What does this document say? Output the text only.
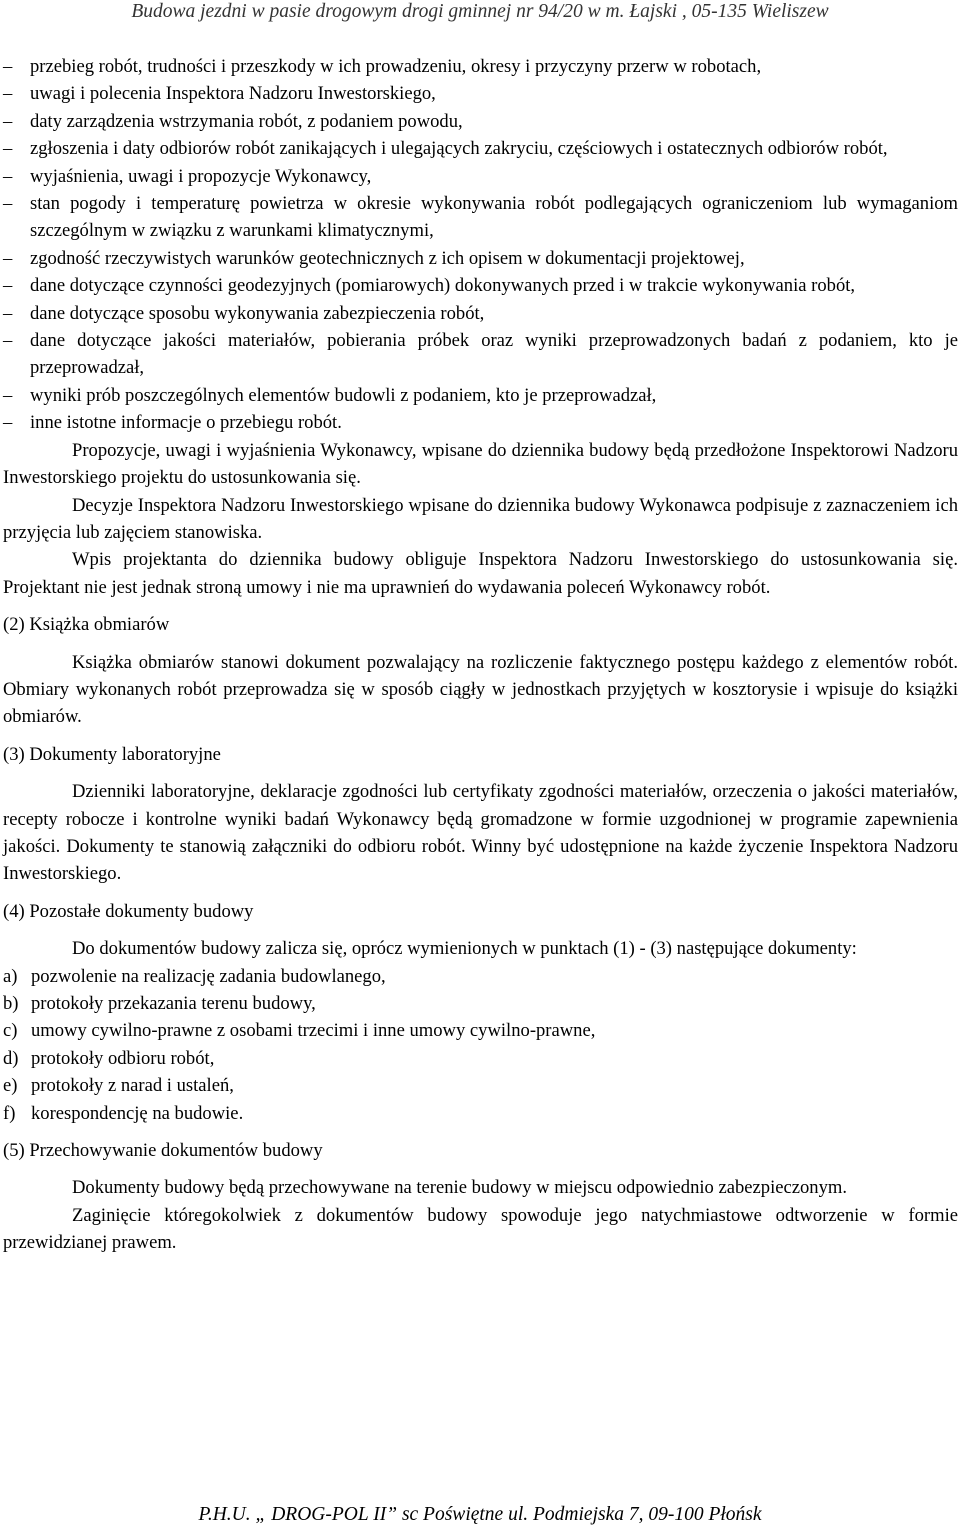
Budowa jezdni w pasie drogowym drogi gminnej nr 94/20 w m. Łajski , 05-135 Wieliszew
– przebieg robót, trudności i przeszkody w ich prowadzeniu, okresy i przyczyny przerw w robotach,
– uwagi i polecenia Inspektora Nadzoru Inwestorskiego,
– daty zarządzenia wstrzymania robót, z podaniem powodu,
– zgłoszenia i daty odbiorów robót zanikających i ulegających zakryciu, częściowych i ostatecznych odbiorów robót,
– wyjaśnienia, uwagi i propozycje Wykonawcy,
– stan pogody i temperaturę powietrza w okresie wykonywania robót podlegających ograniczeniom lub wymaganiom szczególnym w związku z warunkami klimatycznymi,
– zgodność rzeczywistych warunków geotechnicznych z ich opisem w dokumentacji projektowej,
– dane dotyczące czynności geodezyjnych (pomiarowych) dokonywanych przed i w trakcie wykonywania robót,
– dane dotyczące sposobu wykonywania zabezpieczenia robót,
– dane dotyczące jakości materiałów, pobierania próbek oraz wyniki przeprowadzonych badań z podaniem, kto je przeprowadzał,
– wyniki prób poszczególnych elementów budowli z podaniem, kto je przeprowadzał,
– inne istotne informacje o przebiegu robót.

Propozycje, uwagi i wyjaśnienia Wykonawcy, wpisane do dziennika budowy będą przedłożone Inspektorowi Nadzoru Inwestorskiego projektu do ustosunkowania się.

Decyzje Inspektora Nadzoru Inwestorskiego wpisane do dziennika budowy Wykonawca podpisuje z zaznaczeniem ich przyjęcia lub zajęciem stanowiska.

Wpis projektanta do dziennika budowy obliguje Inspektora Nadzoru Inwestorskiego do ustosunkowania się. Projektant nie jest jednak stroną umowy i nie ma uprawnień do wydawania poleceń Wykonawcy robót.

(2) Książka obmiarów

Książka obmiarów stanowi dokument pozwalający na rozliczenie faktycznego postępu każdego z elementów robót. Obmiary wykonanych robót przeprowadza się w sposób ciągły w jednostkach przyjętych w kosztorysie i wpisuje do książki obmiarów.

(3) Dokumenty laboratoryjne

Dzienniki laboratoryjne, deklaracje zgodności lub certyfikaty zgodności materiałów, orzeczenia o jakości materiałów, recepty robocze i kontrolne wyniki badań Wykonawcy będą gromadzone w formie uzgodnionej w programie zapewnienia jakości. Dokumenty te stanowią załączniki do odbioru robót. Winny być udostępnione na każde życzenie Inspektora Nadzoru Inwestorskiego.

(4) Pozostałe dokumenty budowy

Do dokumentów budowy zalicza się, oprócz wymienionych w punktach (1) - (3) następujące dokumenty:

a) pozwolenie na realizację zadania budowlanego,
b) protokoły przekazania terenu budowy,
c) umowy cywilno-prawne z osobami trzecimi i inne umowy cywilno-prawne,
d) protokoły odbioru robót,
e) protokoły z narad i ustaleń,
f) korespondencję na budowie.

(5) Przechowywanie dokumentów budowy

Dokumenty budowy będą przechowywane na terenie budowy w miejscu odpowiednio zabezpieczonym.

Zaginięcie któregokolwiek z dokumentów budowy spowoduje jego natychmiastowe odtworzenie w formie przewidzianej prawem.

P.H.U. „ DROG-POL II” sc Poświętne ul. Podmiejska 7, 09-100 Płońsk
